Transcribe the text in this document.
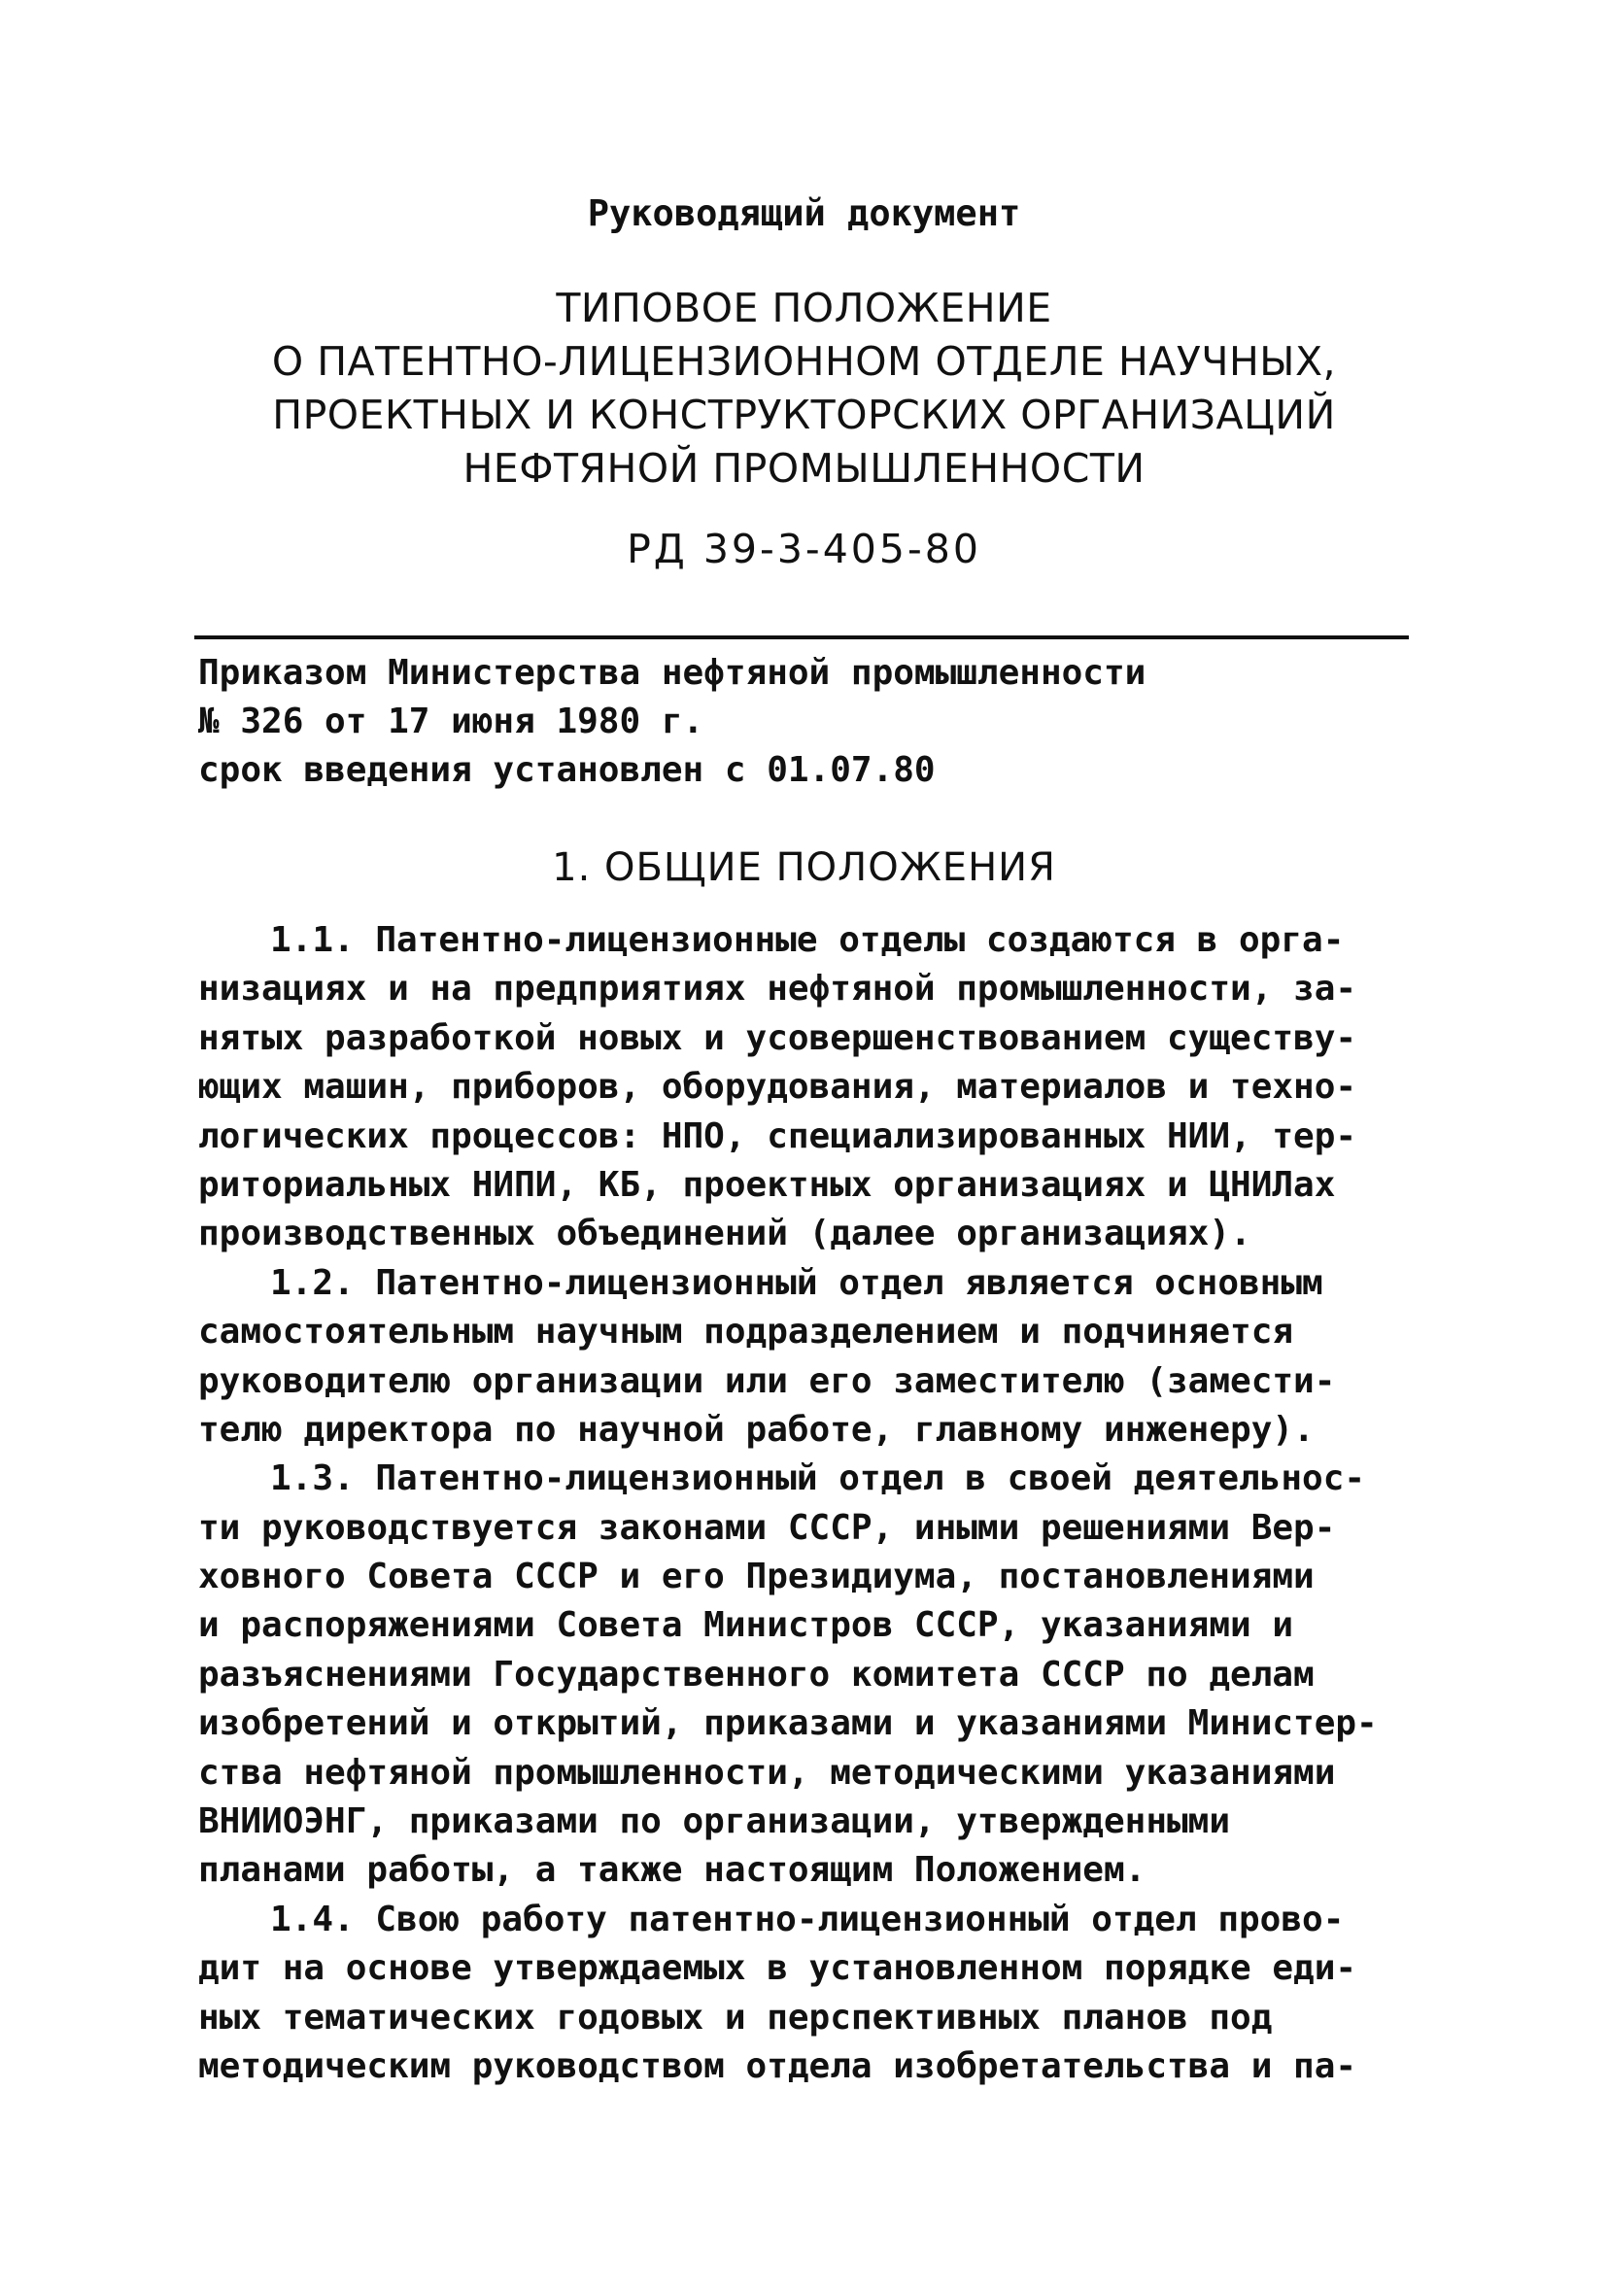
Руководящий документ
ТИПОВОЕ ПОЛОЖЕНИЕ
О ПАТЕНТНО-ЛИЦЕНЗИОННОМ ОТДЕЛЕ НАУЧНЫХ,
ПРОЕКТНЫХ И КОНСТРУКТОРСКИХ ОРГАНИЗАЦИЙ
НЕФТЯНОЙ ПРОМЫШЛЕННОСТИ
РД 39-3-405-80
Приказом Министерства нефтяной промышленности
№ 326 от 17 июня 1980 г.
срок введения установлен с 01.07.80
1. ОБЩИЕ ПОЛОЖЕНИЯ
1.1. Патентно-лицензионные отделы создаются в орга-
низациях и на предприятиях нефтяной промышленности, за-
нятых разработкой новых и усовершенствованием существу-
ющих машин, приборов, оборудования, материалов и техно-
логических процессов: НПО, специализированных НИИ, тер-
риториальных НИПИ, КБ, проектных организациях и ЦНИЛах
производственных объединений (далее организациях).
1.2. Патентно-лицензионный отдел является основным
самостоятельным научным подразделением и подчиняется
руководителю организации или его заместителю (замести-
телю директора по научной работе, главному инженеру).
1.3. Патентно-лицензионный отдел в своей деятельнос-
ти руководствуется законами СССР, иными решениями Вер-
ховного Совета СССР и его Президиума, постановлениями
и распоряжениями Совета Министров СССР, указаниями и
разъяснениями Государственного комитета СССР по делам
изобретений и открытий, приказами и указаниями Министер-
ства нефтяной промышленности, методическими указаниями
ВНИИОЭНГ, приказами по организации, утвержденными
планами работы, а также настоящим Положением.
1.4. Свою работу патентно-лицензионный отдел прово-
дит на основе утверждаемых в установленном порядке еди-
ных тематических годовых и перспективных планов под
методическим руководством отдела изобретательства и па-
